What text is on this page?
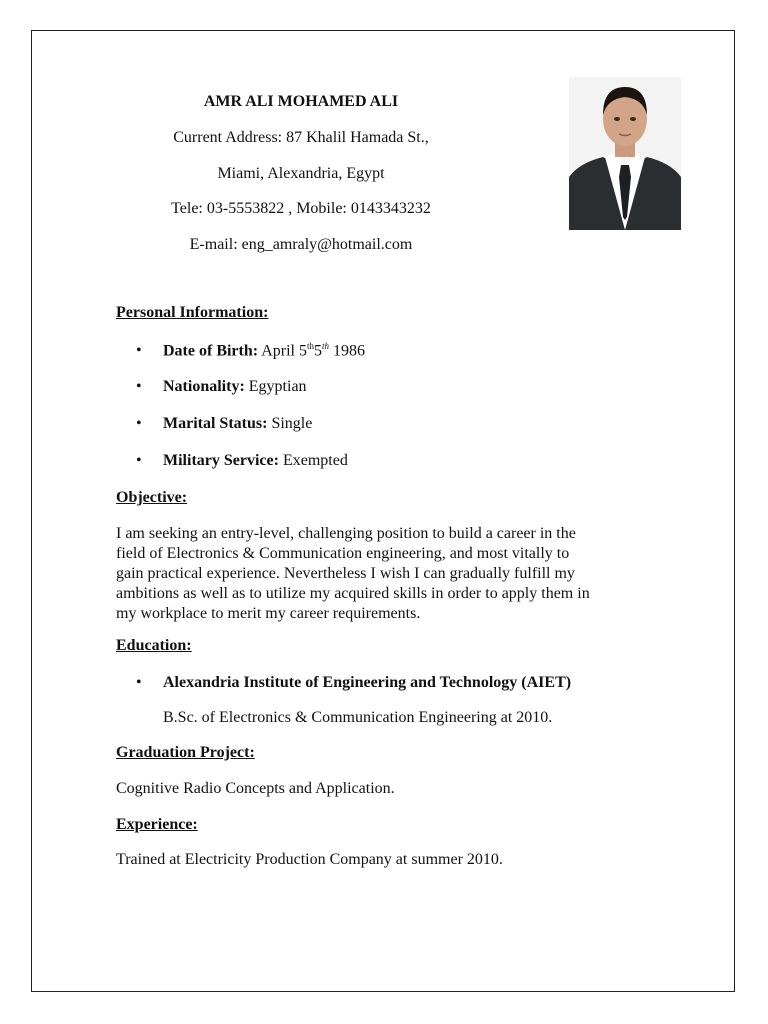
AMR ALI MOHAMED ALI

Current Address: 87 Khalil Hamada St.,

Miami, Alexandria, Egypt

Tele: 03-5553822 , Mobile: 0143343232

E-mail: eng_amraly@hotmail.com

Personal Information:

• Date of Birth: April 5th5th 1986

• Nationality: Egyptian

• Marital Status: Single

• Military Service: Exempted

Objective:

I am seeking an entry-level, challenging position to build a career in the
field of Electronics & Communication engineering, and most vitally to
gain practical experience. Nevertheless I wish I can gradually fulfill my
ambitions as well as to utilize my acquired skills in order to apply them in
my workplace to merit my career requirements.

Education:

• Alexandria Institute of Engineering and Technology (AIET)

B.Sc. of Electronics & Communication Engineering at 2010.

Graduation Project:

Cognitive Radio Concepts and Application.

Experience:

Trained at Electricity Production Company at summer 2010.
